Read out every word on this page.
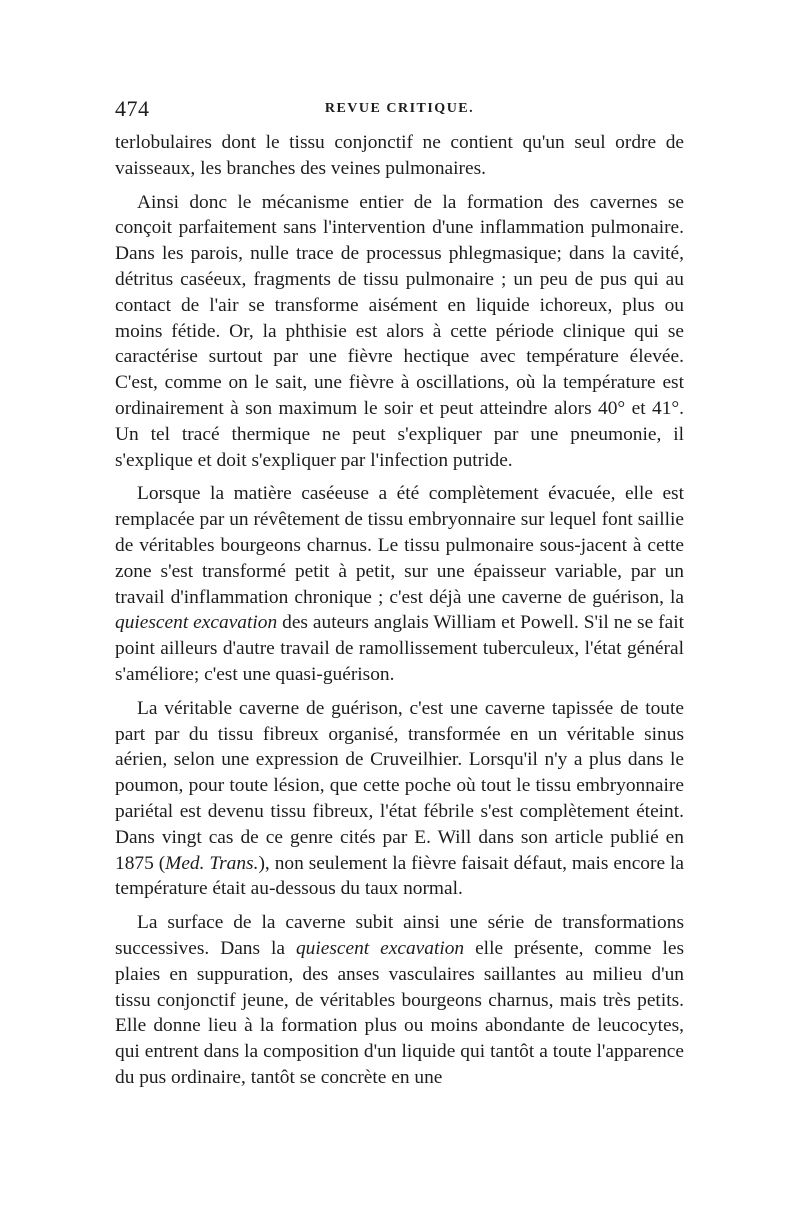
474	REVUE CRITIQUE.

terlobulaires dont le tissu conjonctif ne contient qu'un seul ordre de vaisseaux, les branches des veines pulmonaires.

Ainsi donc le mécanisme entier de la formation des cavernes se conçoit parfaitement sans l'intervention d'une inflammation pulmonaire. Dans les parois, nulle trace de processus phlegmasique; dans la cavité, détritus caséeux, fragments de tissu pulmonaire ; un peu de pus qui au contact de l'air se transforme aisément en liquide ichoreux, plus ou moins fétide. Or, la phthisie est alors à cette période clinique qui se caractérise surtout par une fièvre hectique avec température élevée. C'est, comme on le sait, une fièvre à oscillations, où la température est ordinairement à son maximum le soir et peut atteindre alors 40° et 41°. Un tel tracé thermique ne peut s'expliquer par une pneumonie, il s'explique et doit s'expliquer par l'infection putride.

Lorsque la matière caséeuse a été complètement évacuée, elle est remplacée par un révêtement de tissu embryonnaire sur lequel font saillie de véritables bourgeons charnus. Le tissu pulmonaire sous-jacent à cette zone s'est transformé petit à petit, sur une épaisseur variable, par un travail d'inflammation chronique ; c'est déjà une caverne de guérison, la quiescent excavation des auteurs anglais William et Powell. S'il ne se fait point ailleurs d'autre travail de ramollissement tuberculeux, l'état général s'améliore; c'est une quasi-guérison.

La véritable caverne de guérison, c'est une caverne tapissée de toute part par du tissu fibreux organisé, transformée en un véritable sinus aérien, selon une expression de Cruveilhier. Lorsqu'il n'y a plus dans le poumon, pour toute lésion, que cette poche où tout le tissu embryonnaire pariétal est devenu tissu fibreux, l'état fébrile s'est complètement éteint. Dans vingt cas de ce genre cités par E. Will dans son article publié en 1875 (Med. Trans.), non seulement la fièvre faisait défaut, mais encore la température était au-dessous du taux normal.

La surface de la caverne subit ainsi une série de transformations successives. Dans la quiescent excavation elle présente, comme les plaies en suppuration, des anses vasculaires saillantes au milieu d'un tissu conjonctif jeune, de véritables bourgeons charnus, mais très petits. Elle donne lieu à la formation plus ou moins abondante de leucocytes, qui entrent dans la composition d'un liquide qui tantôt a toute l'apparence du pus ordinaire, tantôt se concrète en une
